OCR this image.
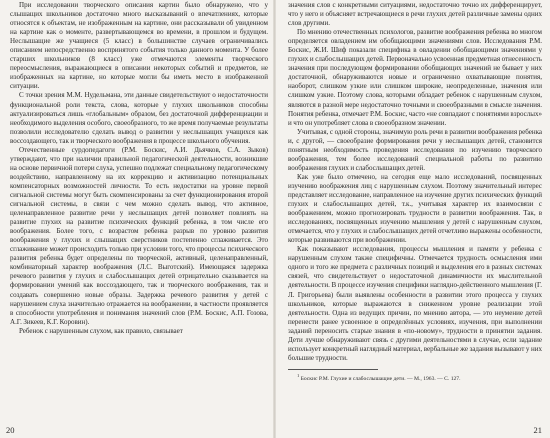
При исследовании творческого описания картин было обнаружено, что у слышащих школьников достаточно много высказываний о впечатлениях, которые относятся к объектам, не изображенным на картине, они рассказывали об увиденном на картине как о моменте, развертывающемся во времени, в прошлом и будущем. Неслышащие же учащиеся (5 класс) в большинстве случаев ограничивались описанием непосредственно воспринятого события только данного момента. У более старших школьников (8 класс) уже отмечаются элементы творческого переосмысления, выражающиеся в описании некоторых событий и предметов, не изображенных на картине, но которые могли бы иметь место в изображенной ситуации.

С точки зрения М.М. Нудельмана, эти данные свидетельствуют о недостаточности функциональной роли текста, слова, которые у глухих школьников способны актуализироваться лишь «глобальным» образом, без достаточной дифференциации и необходимого выделения особого, своеобразного, то же время получаемые результаты позволили исследователю сделать вывод о развитии у неслышащих учащихся как воссоздающего, так и творческого воображения в процессе школьного обучения.

Отечественные сурдопедагоги (Р.М. Боскис, А.И. Дьячков, С.А. Зыков) утверждают, что при наличии правильной педагогической деятельности, возникшие на основе первичной потери слуха, успешно подлежат специальному педагогическому воздействию, направленному на их коррекцию и активизацию потенциальных компенсаторных возможностей личности. То есть недостатки на уровне первой сигнальной системы могут быть скомпенсированы за счет функционирования второй сигнальной системы, в связи с чем можно сделать вывод, что активное, целенаправленное развитие речи у неслышащих детей позволяет повлиять на развитие глухих на развитие психических функций ребенка, в том числе его воображения. Более того, с возрастом ребенка разрыв по уровню развития воображения у глухих и слышащих сверстников постепенно сглаживается. Это сглаживание может происходить только при условии того, что процессы психического развития ребенка будет определены по творческой, активный, целенаправленный, комбинаторный характер воображения (Л.С. Выготский). Имеющаяся задержка речевого развития у глухих и слабослышащих детей отрицательно сказывается на формировании умений как воссоздающего, так и творческого воображения, так и создавать совершенно новые образы. Задержка речевого развития у детей с нарушением слуха значительно отражается на воображении, в частности проявляется в способности употребления и понимания значений слов (Р.М. Боскис, А.П. Гозова, А.Г. Зикеев, К.Г. Коровин).

Ребенок с нарушенным слухом, как правило, связывает

20

значения слов с конкретными ситуациями, недостаточно точно их дифференцирует, что у него и объясняет встречающиеся в речи глухих детей различные замены одних слов другими.

По мнению отечественных психологов, развитие воображения ребенка во многом определяется овладением им обобщающими значениями слов. Исследования Р.М. Боскис, Ж.И. Шиф показали специфика в овладении обобщающими значениями у глухих и слабослышащих детей. Первоначально усвоенная предметная отнесенность значения при последующем формировании обобщающих значений не бывает у них достаточной, обнаруживаются новые и ограниченно охватывающие понятия, наоборот, слишком узкие или слишком широкие, неопределенные, значения или слишком узкие. Поэтому слова, которыми обладает ребенок с нарушенным слухом, являются в разной мере недостаточно точными и своеобразными в смысле значения. Понятия ребенка, отмечает Р.М. Боскис, часто «не совпадают с понятиями взрослых» и что он употребляет слова в своеобразном значении.

Учитывая, с одной стороны, значимую роль речи в развитии воображения ребенка и, с другой, — своеобразие формирования речи у неслышащих детей, становится понятным необходимость проведения исследования по изучению творческого воображения, тем более исследований специальной работы по развитию воображения глухих и слабослышащих детей.

Как уже было отмечено, на сегодня еще мало исследований, посвященных изучению воображения лиц с нарушенным слухом. Поэтому значительный интерес представляет исследование, направленное на изучение других психических функций глухих и слабослышащих детей, т.к., учитывая характер их взаимосвязи с воображением, можно прогнозировать трудности в развитии воображения. Так, в исследованиях, посвященных изучению мышления у детей с нарушенным слухом, отмечается, что у глухих и слабослышащих детей отчетливо выражены особенности, которые развиваются при воображении.

Как показывают исследования, процессы мышления и памяти у ребенка с нарушенным слухом также специфичны. Отмечается трудность осмысления ими одного и того же предмета с различных позиций и выделения его в разных системах связей, что свидетельствует о недостаточной динамичности их мыслительной деятельности. В процессе изучения специфики наглядно-действенного мышления (Г. Л. Григорьева) были выявлены особенности в развитии этого процесса у глухих школьников, которые выражаются в сниженном уровне реализации этой деятельности. Одна из ведущих причин, по мнению автора, — это неумение детей перенести ранее усвоенное в определённых условиях, изучения, при выполнении заданий переносить старые знания в «по-новому», трудности в принятии задания. Дети лучше обнаруживают связь с другими деятельностями в случае, если задание использует конкретный наглядный материал, вербальные же задания вызывают у них большие трудности.

$^1$ Боскис Р.М. Глухие и слабослышащие дети. — М., 1963. — С. 127.

21
